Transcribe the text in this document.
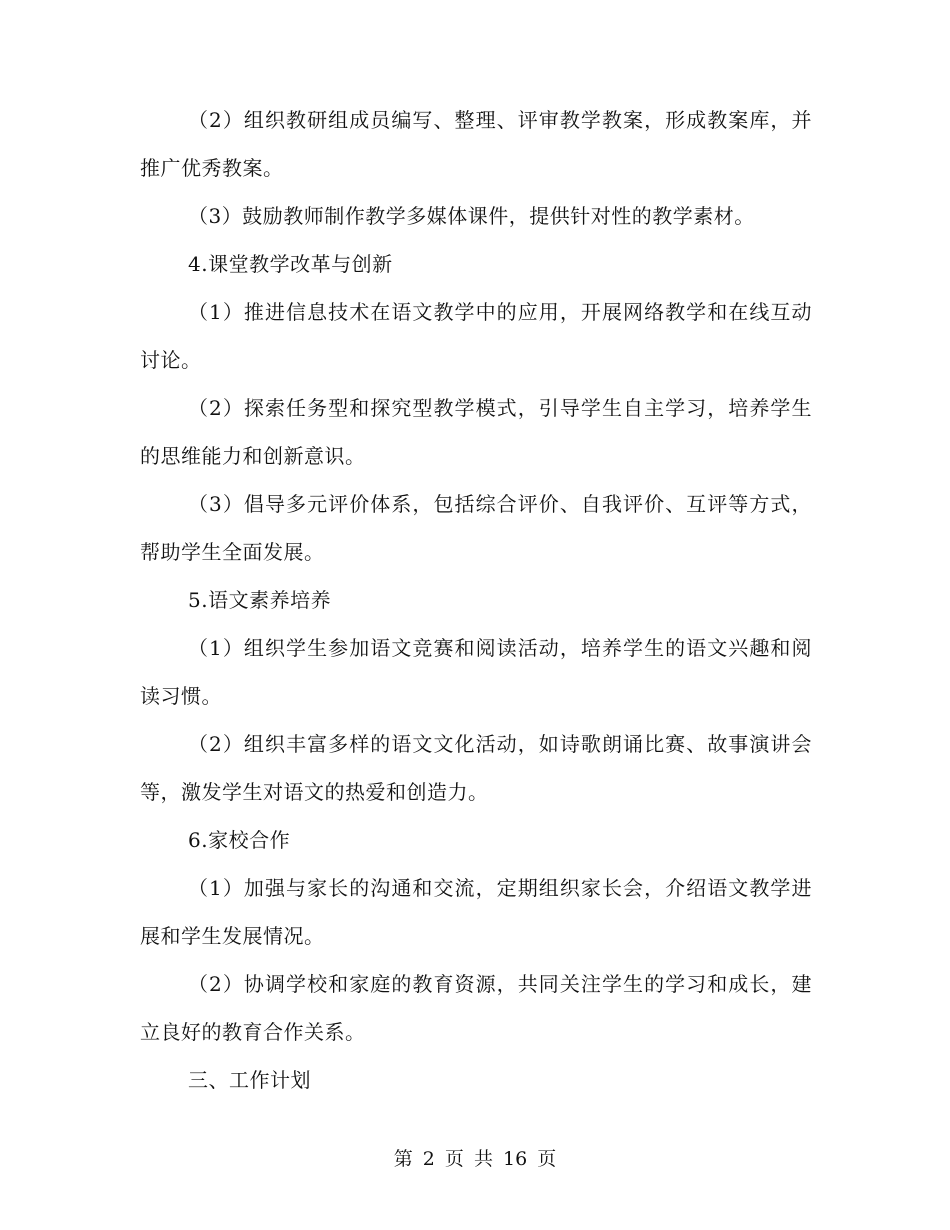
（2）组织教研组成员编写、整理、评审教学教案，形成教案库，并推广优秀教案。

（3）鼓励教师制作教学多媒体课件，提供针对性的教学素材。

4.课堂教学改革与创新

（1）推进信息技术在语文教学中的应用，开展网络教学和在线互动讨论。

（2）探索任务型和探究型教学模式，引导学生自主学习，培养学生的思维能力和创新意识。

（3）倡导多元评价体系，包括综合评价、自我评价、互评等方式，帮助学生全面发展。

5.语文素养培养

（1）组织学生参加语文竞赛和阅读活动，培养学生的语文兴趣和阅读习惯。

（2）组织丰富多样的语文文化活动，如诗歌朗诵比赛、故事演讲会等，激发学生对语文的热爱和创造力。

6.家校合作

（1）加强与家长的沟通和交流，定期组织家长会，介绍语文教学进展和学生发展情况。

（2）协调学校和家庭的教育资源，共同关注学生的学习和成长，建立良好的教育合作关系。

三、工作计划

第 2 页 共 16 页
